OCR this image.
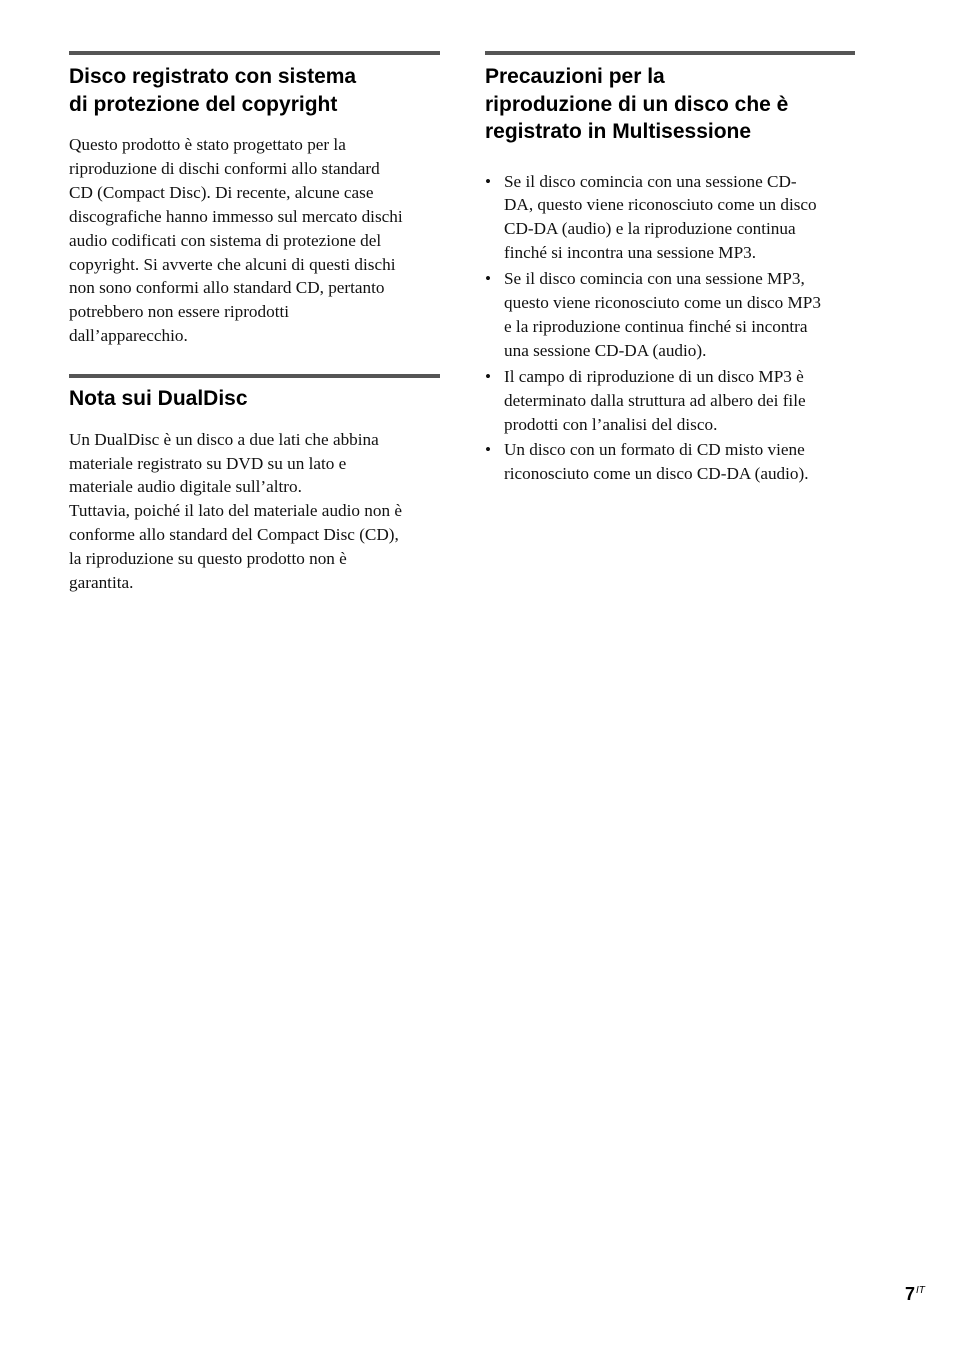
Disco registrato con sistema
di protezione del copyright

Questo prodotto è stato progettato per la
riproduzione di dischi conformi allo standard
CD (Compact Disc). Di recente, alcune case
discografiche hanno immesso sul mercato dischi
audio codificati con sistema di protezione del
copyright. Si avverte che alcuni di questi dischi
non sono conformi allo standard CD, pertanto
potrebbero non essere riprodotti
dall’apparecchio.

Nota sui DualDisc

Un DualDisc è un disco a due lati che abbina
materiale registrato su DVD su un lato e
materiale audio digitale sull’altro.
Tuttavia, poiché il lato del materiale audio non è
conforme allo standard del Compact Disc (CD),
la riproduzione su questo prodotto non è
garantita.

Precauzioni per la
riproduzione di un disco che è
registrato in Multisessione
• Se il disco comincia con una sessione CD-
DA, questo viene riconosciuto come un disco
CD-DA (audio) e la riproduzione continua
finché si incontra una sessione MP3.
• Se il disco comincia con una sessione MP3,
questo viene riconosciuto come un disco MP3
e la riproduzione continua finché si incontra
una sessione CD-DA (audio).
• Il campo di riproduzione di un disco MP3 è
determinato dalla struttura ad albero dei file
prodotti con l’analisi del disco.
• Un disco con un formato di CD misto viene
riconosciuto come un disco CD-DA (audio).
$7^{IT}$
